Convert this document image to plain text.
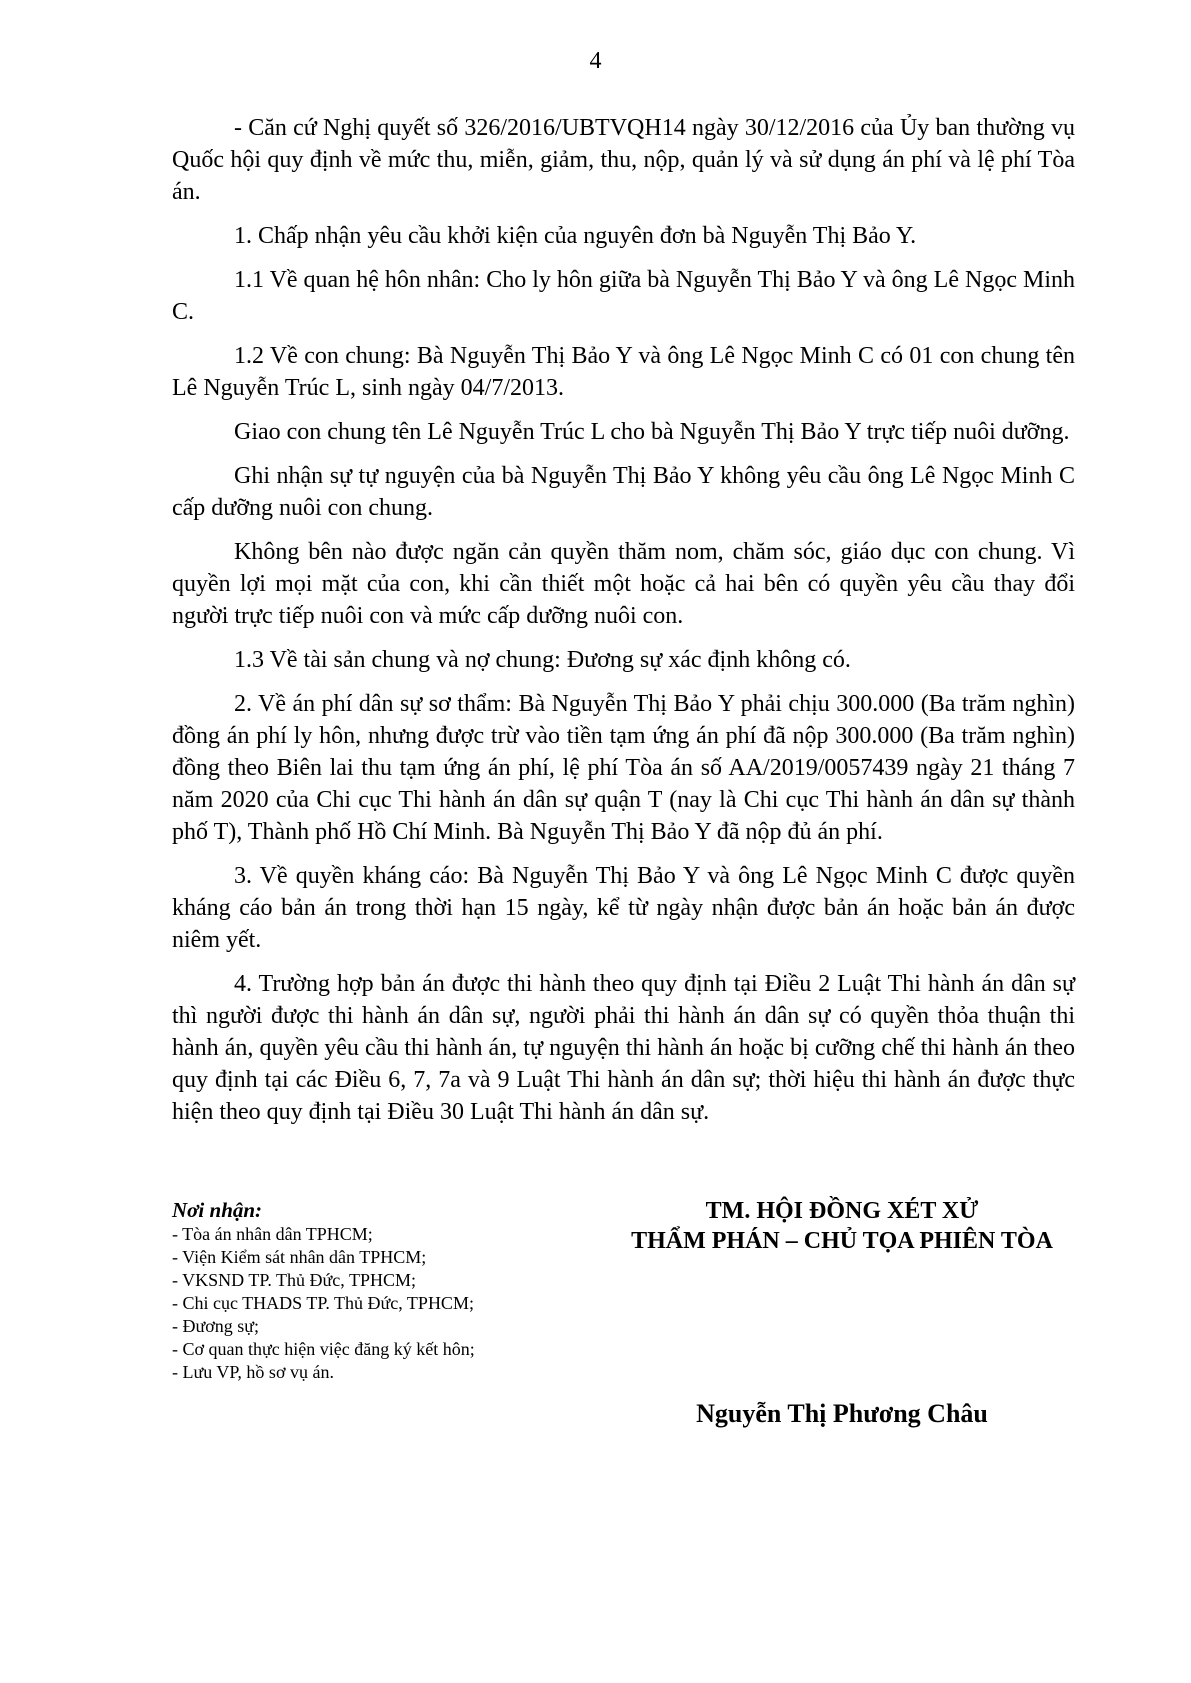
4

- Căn cứ Nghị quyết số 326/2016/UBTVQH14 ngày 30/12/2016 của Ủy ban thường vụ Quốc hội quy định về mức thu, miễn, giảm, thu, nộp, quản lý và sử dụng án phí và lệ phí Tòa án.

1. Chấp nhận yêu cầu khởi kiện của nguyên đơn bà Nguyễn Thị Bảo Y.

1.1 Về quan hệ hôn nhân: Cho ly hôn giữa bà Nguyễn Thị Bảo Y và ông Lê Ngọc Minh C.

1.2 Về con chung: Bà Nguyễn Thị Bảo Y và ông Lê Ngọc Minh C có 01 con chung tên Lê Nguyễn Trúc L, sinh ngày 04/7/2013.

Giao con chung tên Lê Nguyễn Trúc L cho bà Nguyễn Thị Bảo Y trực tiếp nuôi dưỡng.

Ghi nhận sự tự nguyện của bà Nguyễn Thị Bảo Y không yêu cầu ông Lê Ngọc Minh C cấp dưỡng nuôi con chung.

Không bên nào được ngăn cản quyền thăm nom, chăm sóc, giáo dục con chung. Vì quyền lợi mọi mặt của con, khi cần thiết một hoặc cả hai bên có quyền yêu cầu thay đổi người trực tiếp nuôi con và mức cấp dưỡng nuôi con.

1.3 Về tài sản chung và nợ chung: Đương sự xác định không có.

2. Về án phí dân sự sơ thẩm: Bà Nguyễn Thị Bảo Y phải chịu 300.000 (Ba trăm nghìn) đồng án phí ly hôn, nhưng được trừ vào tiền tạm ứng án phí đã nộp 300.000 (Ba trăm nghìn) đồng theo Biên lai thu tạm ứng án phí, lệ phí Tòa án số AA/2019/0057439 ngày 21 tháng 7 năm 2020 của Chi cục Thi hành án dân sự quận T (nay là Chi cục Thi hành án dân sự thành phố T), Thành phố Hồ Chí Minh. Bà Nguyễn Thị Bảo Y đã nộp đủ án phí.

3. Về quyền kháng cáo: Bà Nguyễn Thị Bảo Y và ông Lê Ngọc Minh C được quyền kháng cáo bản án trong thời hạn 15 ngày, kể từ ngày nhận được bản án hoặc bản án được niêm yết.

4. Trường hợp bản án được thi hành theo quy định tại Điều 2 Luật Thi hành án dân sự thì người được thi hành án dân sự, người phải thi hành án dân sự có quyền thỏa thuận thi hành án, quyền yêu cầu thi hành án, tự nguyện thi hành án hoặc bị cưỡng chế thi hành án theo quy định tại các Điều 6, 7, 7a và 9 Luật Thi hành án dân sự; thời hiệu thi hành án được thực hiện theo quy định tại Điều 30 Luật Thi hành án dân sự.

Nơi nhận:
- Tòa án nhân dân TPHCM;
- Viện Kiểm sát nhân dân TPHCM;
- VKSND TP. Thủ Đức, TPHCM;
- Chi cục THADS TP. Thủ Đức, TPHCM;
- Đương sự;
- Cơ quan thực hiện việc đăng ký kết hôn;
- Lưu VP, hồ sơ vụ án.
TM. HỘI ĐỒNG XÉT XỬ
THẨM PHÁN – CHỦ TỌA PHIÊN TÒA
Nguyễn Thị Phương Châu
